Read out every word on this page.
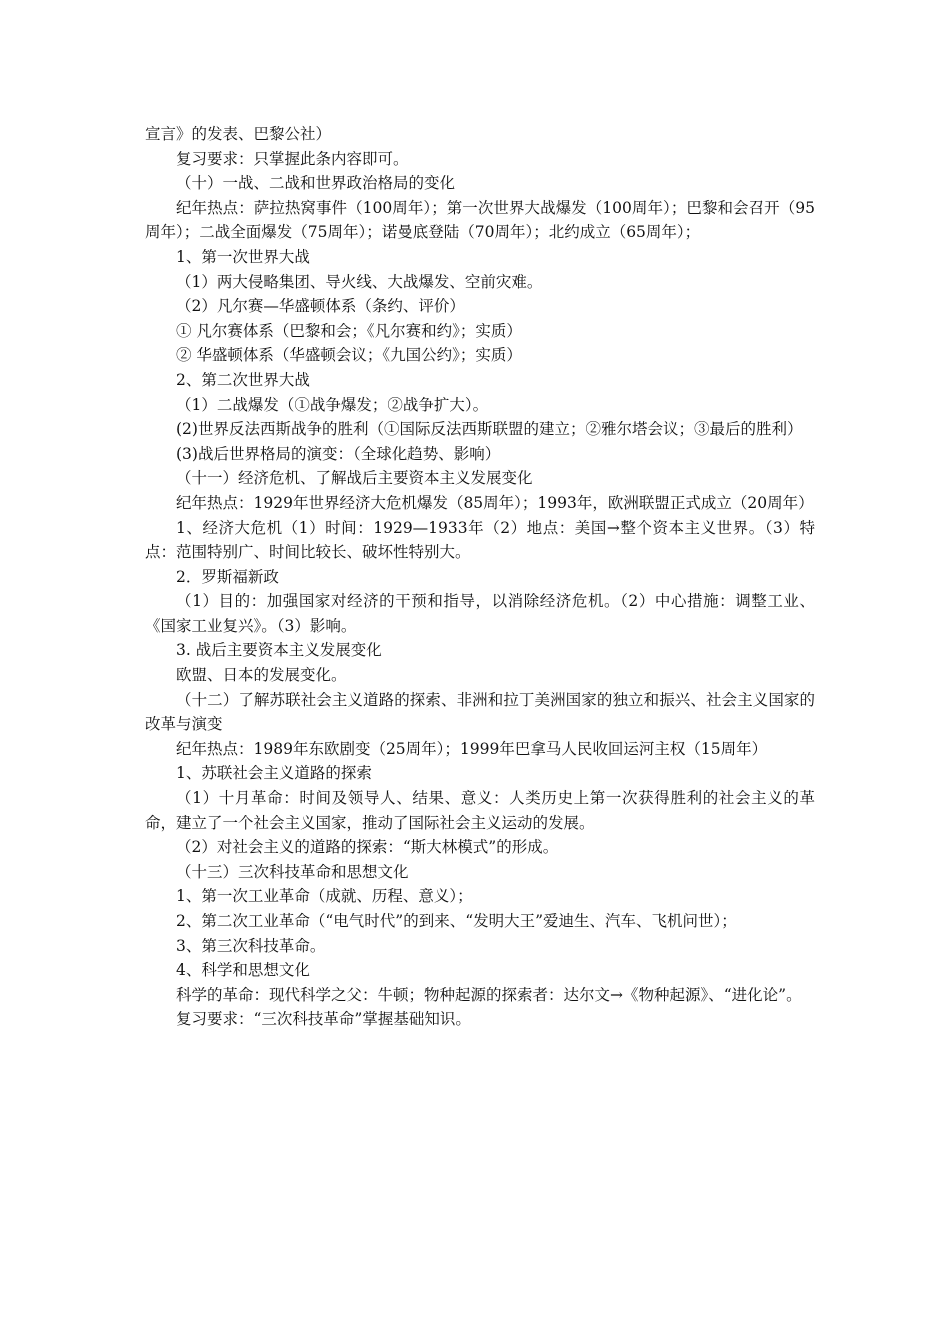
宣言》的发表、巴黎公社）

复习要求：只掌握此条内容即可。

（十）一战、二战和世界政治格局的变化

纪年热点：萨拉热窝事件（100周年）；第一次世界大战爆发（100周年）；巴黎和会召开（95周年）；二战全面爆发（75周年）；诺曼底登陆（70周年）；北约成立（65周年）；

1、第一次世界大战

（1）两大侵略集团、导火线、大战爆发、空前灾难。

（2）凡尔赛—华盛顿体系（条约、评价）

① 凡尔赛体系（巴黎和会；《凡尔赛和约》；实质）

② 华盛顿体系（华盛顿会议；《九国公约》；实质）

2、第二次世界大战

（1）二战爆发（①战争爆发；②战争扩大）。

(2)世界反法西斯战争的胜利（①国际反法西斯联盟的建立；②雅尔塔会议；③最后的胜利）

(3)战后世界格局的演变：（全球化趋势、影响）

（十一）经济危机、了解战后主要资本主义发展变化

纪年热点：1929年世界经济大危机爆发（85周年）；1993年，欧洲联盟正式成立（20周年）

1、经济大危机（1）时间：1929—1933年（2）地点：美国→整个资本主义世界。（3）特点：范围特别广、时间比较长、破坏性特别大。

2．罗斯福新政

（1）目的：加强国家对经济的干预和指导，以消除经济危机。（2）中心措施：调整工业、《国家工业复兴》。（3）影响。

3. 战后主要资本主义发展变化

欧盟、日本的发展变化。

（十二）了解苏联社会主义道路的探索、非洲和拉丁美洲国家的独立和振兴、社会主义国家的改革与演变

纪年热点：1989年东欧剧变（25周年）；1999年巴拿马人民收回运河主权（15周年）

1、苏联社会主义道路的探索

（1）十月革命：时间及领导人、结果、意义：人类历史上第一次获得胜利的社会主义的革命，建立了一个社会主义国家，推动了国际社会主义运动的发展。

（2）对社会主义的道路的探索：“斯大林模式”的形成。

（十三）三次科技革命和思想文化

1、第一次工业革命（成就、历程、意义）；

2、第二次工业革命（“电气时代”的到来、“发明大王”爱迪生、汽车、飞机问世）；

3、第三次科技革命。

4、科学和思想文化

科学的革命：现代科学之父：牛顿；物种起源的探索者：达尔文→《物种起源》、“进化论”。

复习要求：“三次科技革命”掌握基础知识。
